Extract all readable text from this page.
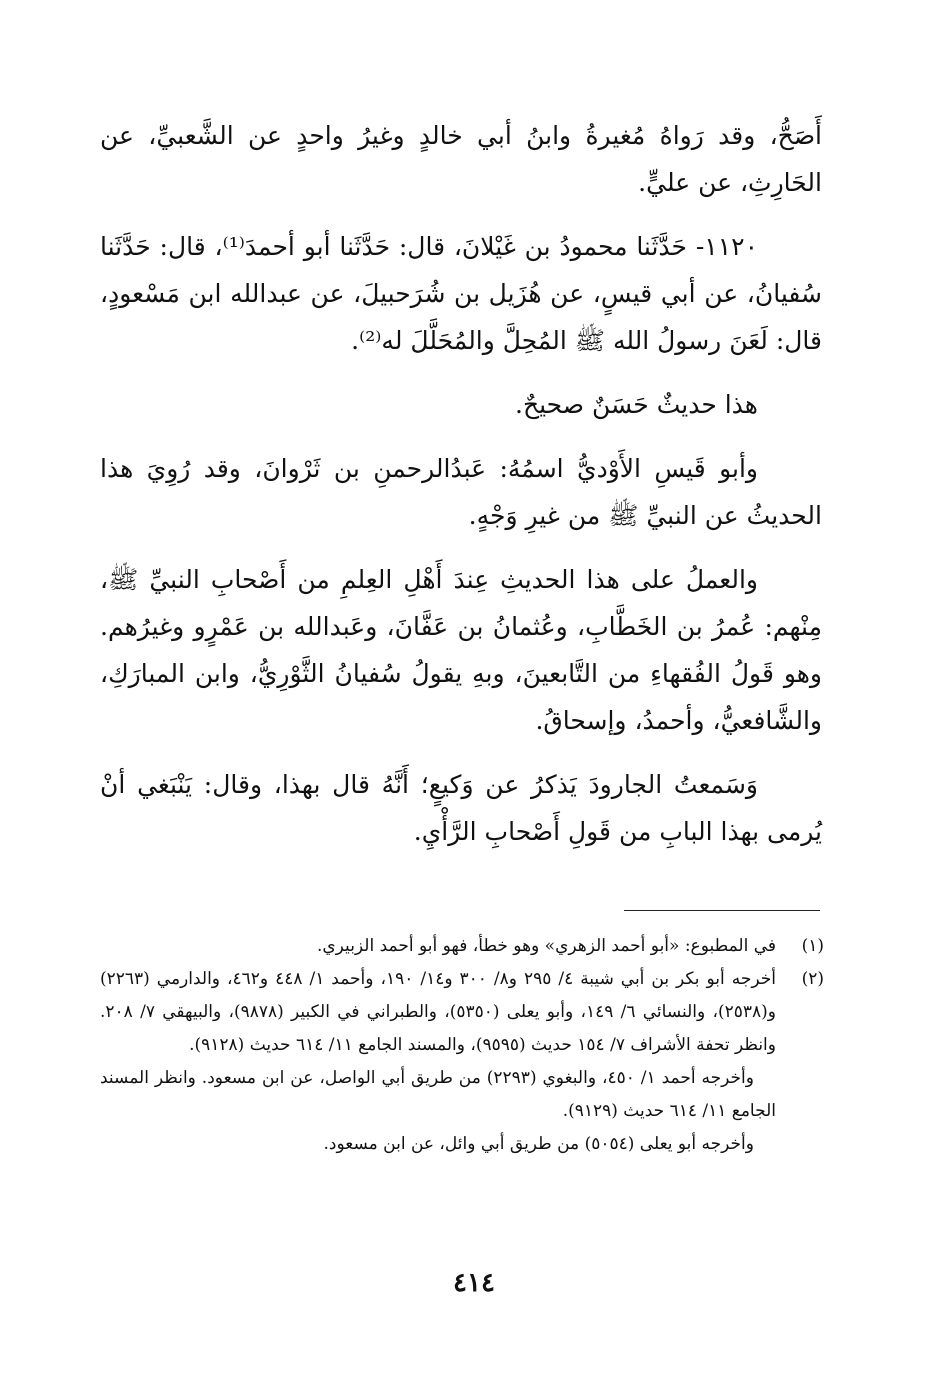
أَصَحُّ، وقد رَواهُ مُغيرةُ وابنُ أبي خالدٍ وغيرُ واحدٍ عن الشَّعبيِّ، عن الحَارِثِ، عن عليٍّ.

١١٢٠- حَدَّثَنا محمودُ بن غَيْلانَ، قال: حَدَّثَنا أبو أحمدَ⁽¹⁾، قال: حَدَّثَنا سُفيانُ، عن أبي قيسٍ، عن هُزَيل بن شُرَحبيلَ، عن عبدالله ابن مَسْعودٍ، قال: لَعَنَ رسولُ الله ﷺ المُحِلَّ والمُحَلَّلَ له⁽²⁾.

هذا حديثٌ حَسَنٌ صحيحٌ.

وأبو قَيسِ الأَوْديُّ اسمُهُ: عَبدُالرحمنِ بن ثَرْوانَ، وقد رُوِيَ هذا الحديثُ عن النبيِّ ﷺ من غيرِ وَجْهٍ.

والعملُ على هذا الحديثِ عِندَ أَهْلِ العِلمِ من أَصْحابِ النبيِّ ﷺ، مِنْهم: عُمرُ بن الخَطَّابِ، وعُثمانُ بن عَفَّانَ، وعَبدالله بن عَمْرٍو وغيرُهم. وهو قَولُ الفُقهاءِ من التَّابعينَ، وبهِ يقولُ سُفيانُ الثَّوْرِيُّ، وابن المبارَكِ، والشَّافعيُّ، وأحمدُ، وإسحاقُ.

وَسَمعتُ الجارودَ يَذكرُ عن وَكيعٍ؛ أَنَّهُ قال بهذا، وقال: يَنْبَغي أنْ يُرمى بهذا البابِ من قَولِ أَصْحابِ الرَّأْيِ.

(١)

في المطبوع: «أبو أحمد الزهري» وهو خطأ، فهو أبو أحمد الزبيري.

(٢)

أخرجه أبو بكر بن أبي شيبة ٤/ ٢٩٥ و٨/ ٣٠٠ و١٤/ ١٩٠، وأحمد ١/ ٤٤٨ و٤٦٢، والدارمي (٢٢٦٣) و(٢٥٣٨)، والنسائي ٦/ ١٤٩، وأبو يعلى (٥٣٥٠)، والطبراني في الكبير (٩٨٧٨)، والبيهقي ٧/ ٢٠٨. وانظر تحفة الأشراف ٧/ ١٥٤ حديث (٩٥٩٥)، والمسند الجامع ١١/ ٦١٤ حديث (٩١٢٨).

وأخرجه أحمد ١/ ٤٥٠، والبغوي (٢٢٩٣) من طريق أبي الواصل، عن ابن مسعود. وانظر المسند الجامع ١١/ ٦١٤ حديث (٩١٢٩).

وأخرجه أبو يعلى (٥٠٥٤) من طريق أبي وائل، عن ابن مسعود.

٤١٤
